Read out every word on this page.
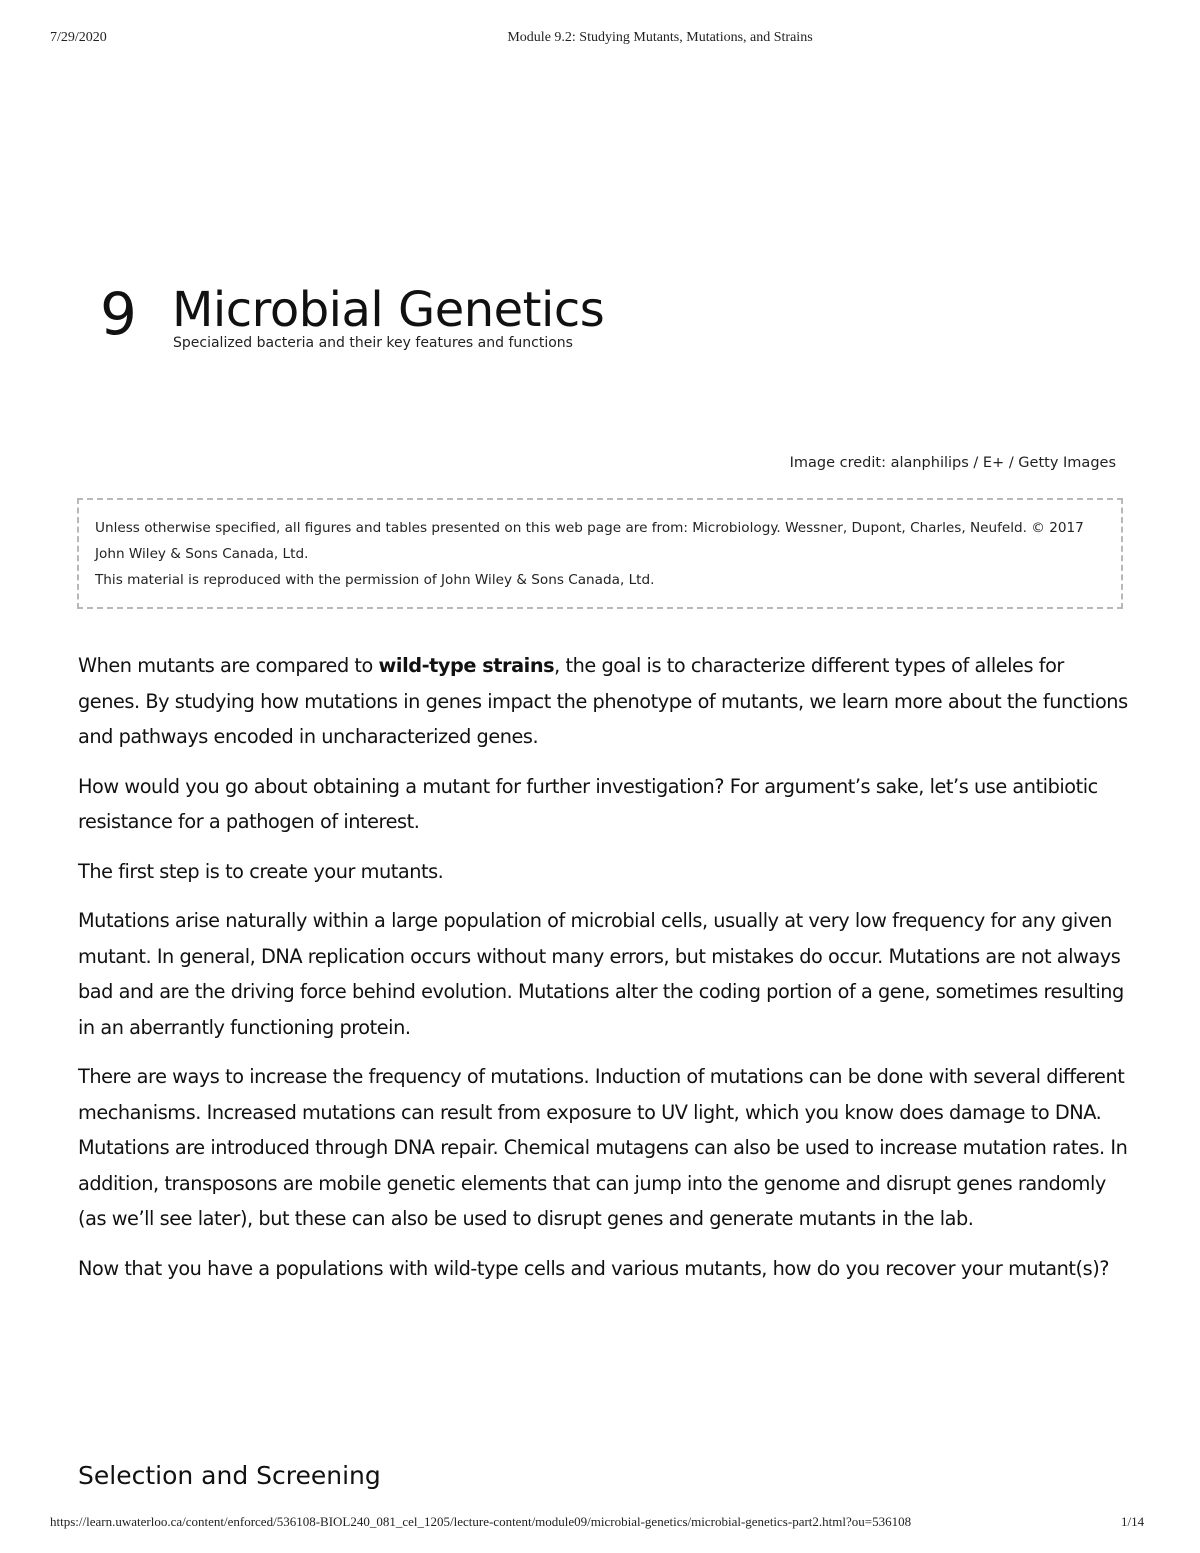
7/29/2020	Module 9.2: Studying Mutants, Mutations, and Strains
9 Microbial Genetics
Specialized bacteria and their key features and functions
Image credit: alanphilips / E+ / Getty Images

Unless otherwise specified, all figures and tables presented on this web page are from: Microbiology. Wessner, Dupont, Charles, Neufeld. © 2017 John Wiley & Sons Canada, Ltd.

This material is reproduced with the permission of John Wiley & Sons Canada, Ltd.

When mutants are compared to wild-type strains, the goal is to characterize different types of alleles for genes. By studying how mutations in genes impact the phenotype of mutants, we learn more about the functions and pathways encoded in uncharacterized genes.

How would you go about obtaining a mutant for further investigation? For argument’s sake, let’s use antibiotic resistance for a pathogen of interest.

The first step is to create your mutants.

Mutations arise naturally within a large population of microbial cells, usually at very low frequency for any given mutant. In general, DNA replication occurs without many errors, but mistakes do occur. Mutations are not always bad and are the driving force behind evolution. Mutations alter the coding portion of a gene, sometimes resulting in an aberrantly functioning protein.

There are ways to increase the frequency of mutations. Induction of mutations can be done with several different mechanisms. Increased mutations can result from exposure to UV light, which you know does damage to DNA. Mutations are introduced through DNA repair. Chemical mutagens can also be used to increase mutation rates. In addition, transposons are mobile genetic elements that can jump into the genome and disrupt genes randomly (as we’ll see later), but these can also be used to disrupt genes and generate mutants in the lab.

Now that you have a populations with wild-type cells and various mutants, how do you recover your mutant(s)?

Selection and Screening
https://learn.uwaterloo.ca/content/enforced/536108-BIOL240_081_cel_1205/lecture-content/module09/microbial-genetics/microbial-genetics-part2.html?ou=536108	1/14
